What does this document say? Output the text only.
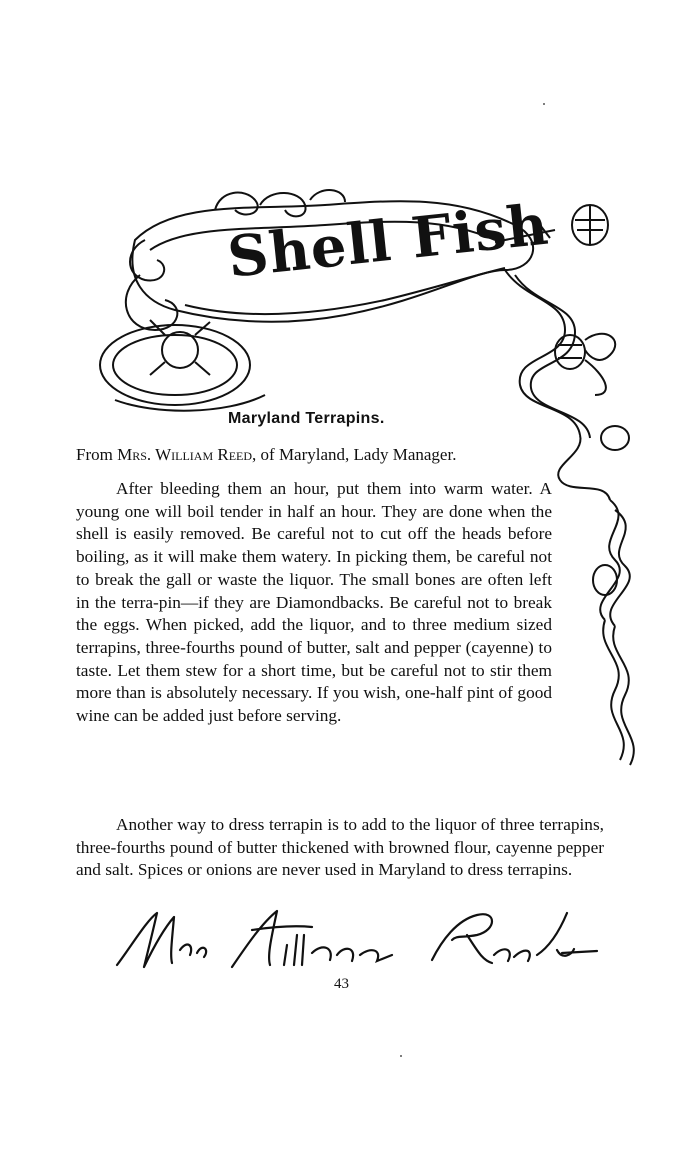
Shell Fish
Maryland Terrapins.
From Mrs. William Reed, of Maryland, Lady Manager.
After bleeding them an hour, put them into warm water. A young one will boil tender in half an hour. They are done when the shell is easily removed. Be careful not to cut off the heads before boiling, as it will make them watery. In picking them, be careful not to break the gall or waste the liquor. The small bones are often left in the terra-pin—if they are Diamondbacks. Be careful not to break the eggs. When picked, add the liquor, and to three medium sized terrapins, three-fourths pound of butter, salt and pepper (cayenne) to taste. Let them stew for a short time, but be careful not to stir them more than is absolutely necessary. If you wish, one-half pint of good wine can be added just before serving.
Another way to dress terrapin is to add to the liquor of three terrapins, three-fourths pound of butter thickened with browned flour, cayenne pepper and salt. Spices or onions are never used in Maryland to dress terrapins.
43
